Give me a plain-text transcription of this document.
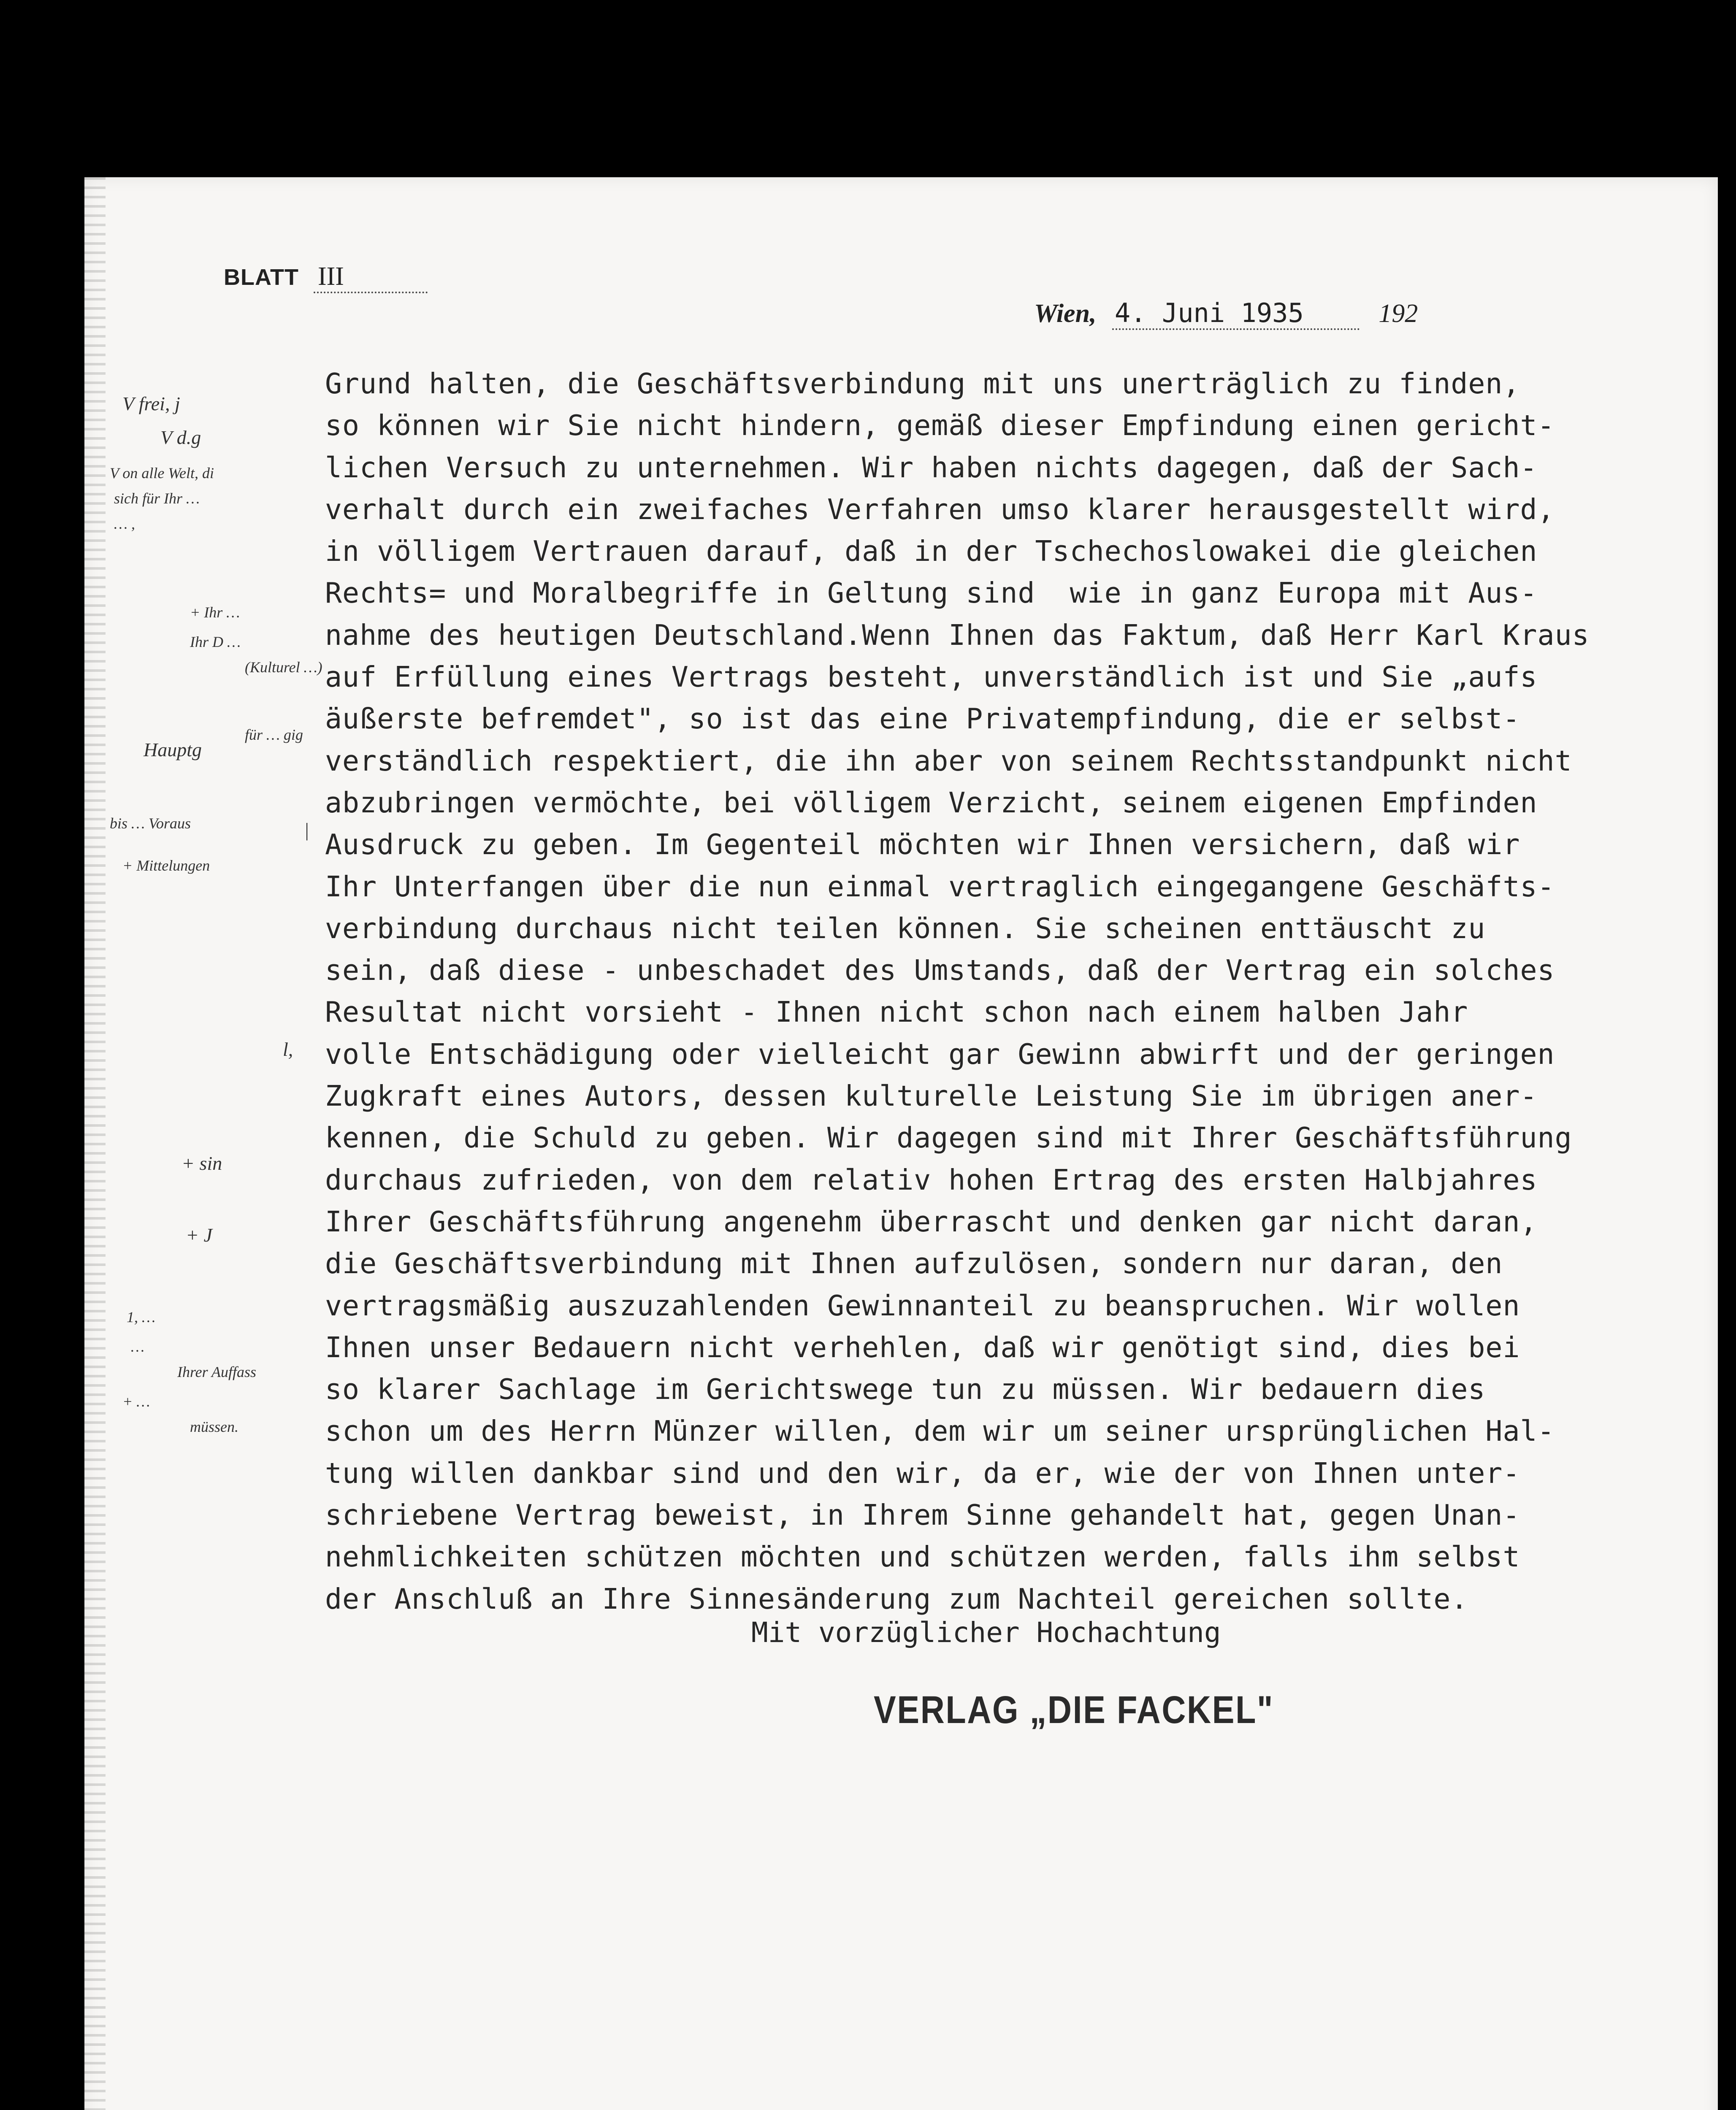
BLATT III
Wien, 4. Juni 1935	192
Grund halten, die Geschäftsverbindung mit uns unerträglich zu finden,
so können wir Sie nicht hindern, gemäß dieser Empfindung einen gericht-
lichen Versuch zu unternehmen. Wir haben nichts dagegen, daß der Sach-
verhalt durch ein zweifaches Verfahren umso klarer herausgestellt wird,
in völligem Vertrauen darauf, daß in der Tschechoslowakei die gleichen
Rechts= und Moralbegriffe in Geltung sind  wie in ganz Europa mit Aus-
nahme des heutigen Deutschland.Wenn Ihnen das Faktum, daß Herr Karl Kraus
auf Erfüllung eines Vertrags besteht, unverständlich ist und Sie „aufs
äußerste befremdet", so ist das eine Privatempfindung, die er selbst-
verständlich respektiert, die ihn aber von seinem Rechtsstandpunkt nicht
abzubringen vermöchte, bei völligem Verzicht, seinem eigenen Empfinden
Ausdruck zu geben. Im Gegenteil möchten wir Ihnen versichern, daß wir
Ihr Unterfangen über die nun einmal vertraglich eingegangene Geschäfts-
verbindung durchaus nicht teilen können. Sie scheinen enttäuscht zu
sein, daß diese - unbeschadet des Umstands, daß der Vertrag ein solches
Resultat nicht vorsieht - Ihnen nicht schon nach einem halben Jahr
volle Entschädigung oder vielleicht gar Gewinn abwirft und der geringen
Zugkraft eines Autors, dessen kulturelle Leistung Sie im übrigen aner-
kennen, die Schuld zu geben. Wir dagegen sind mit Ihrer Geschäftsführung
durchaus zufrieden, von dem relativ hohen Ertrag des ersten Halbjahres
Ihrer Geschäftsführung angenehm überrascht und denken gar nicht daran,
die Geschäftsverbindung mit Ihnen aufzulösen, sondern nur daran, den
vertragsmäßig auszuzahlenden Gewinnanteil zu beanspruchen. Wir wollen
Ihnen unser Bedauern nicht verhehlen, daß wir genötigt sind, dies bei
so klarer Sachlage im Gerichtswege tun zu müssen. Wir bedauern dies
schon um des Herrn Münzer willen, dem wir um seiner ursprünglichen Hal-
tung willen dankbar sind und den wir, da er, wie der von Ihnen unter-
schriebene Vertrag beweist, in Ihrem Sinne gehandelt hat, gegen Unan-
nehmlichkeiten schützen möchten und schützen werden, falls ihm selbst
der Anschluß an Ihre Sinnesänderung zum Nachteil gereichen sollte.
Mit vorzüglicher Hochachtung
VERLAG „DIE FACKEL"
V frei, j
V d.g
V on alle Welt, di
sich für Ihr …
… ,
+ Ihr …
Ihr D …
(Kulturel …)
Hauptg
für … gig
bis … Voraus	|
+ Mittelungen
l,
+ sin
+ J
1, …
…
Ihrer Auffass
+ …
müssen.
